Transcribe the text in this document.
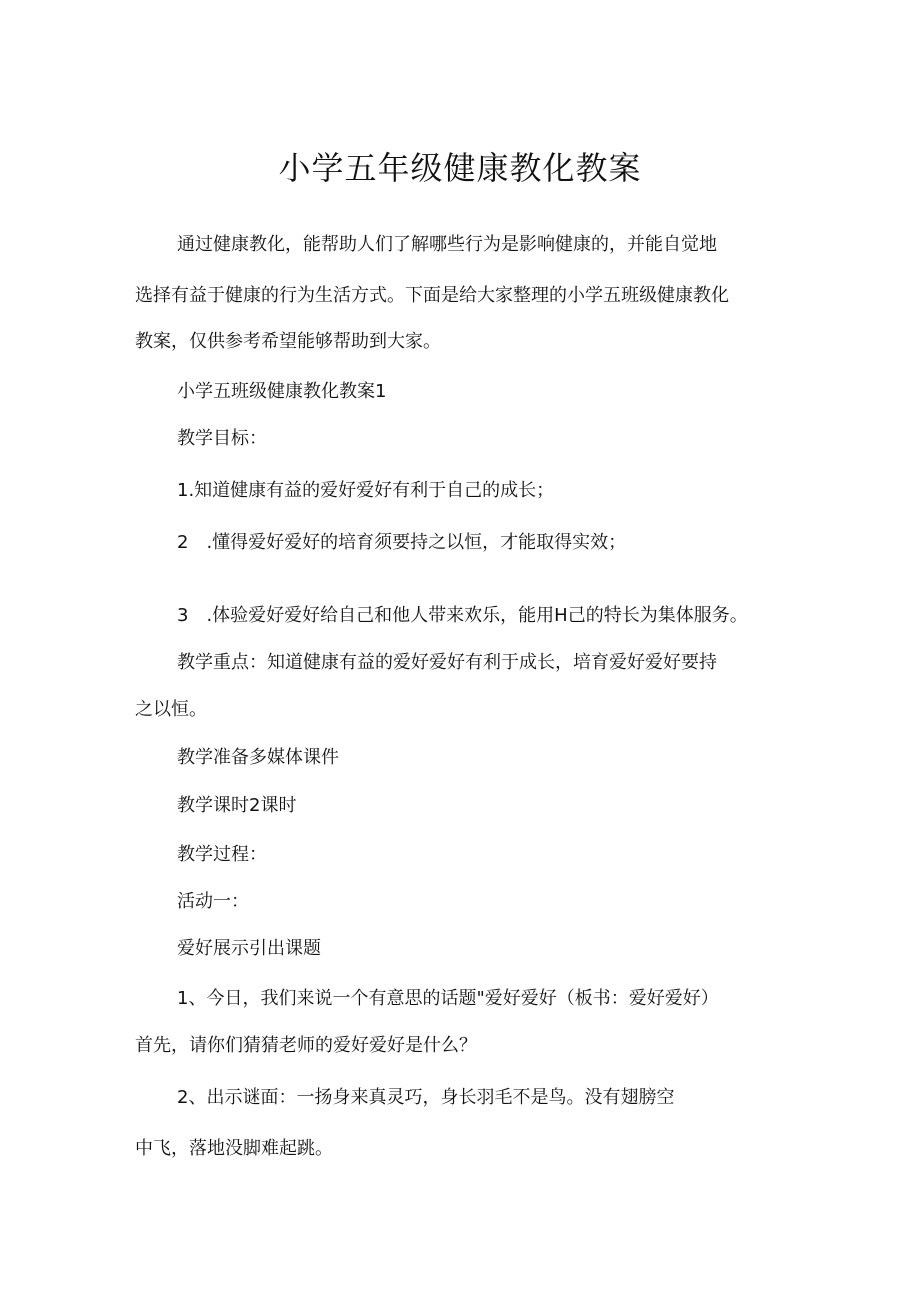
小学五年级健康教化教案
通过健康教化，能帮助人们了解哪些行为是影响健康的，并能自觉地
选择有益于健康的行为生活方式。下面是给大家整理的小学五班级健康教化
教案，仅供参考希望能够帮助到大家。
小学五班级健康教化教案1
教学目标：
1.知道健康有益的爱好爱好有利于自己的成长；
2　.懂得爱好爱好的培育须要持之以恒，才能取得实效；
3　.体验爱好爱好给自己和他人带来欢乐，能用H己的特长为集体服务。
教学重点：知道健康有益的爱好爱好有利于成长，培育爱好爱好要持
之以恒。
教学准备多媒体课件
教学课时2课时
教学过程：
活动一：
爱好展示引出课题
1、今日，我们来说一个有意思的话题"爱好爱好（板书：爱好爱好）
首先，请你们猜猜老师的爱好爱好是什么？
2、出示谜面：一扬身来真灵巧，身长羽毛不是鸟。没有翅膀空
中飞，落地没脚难起跳。
